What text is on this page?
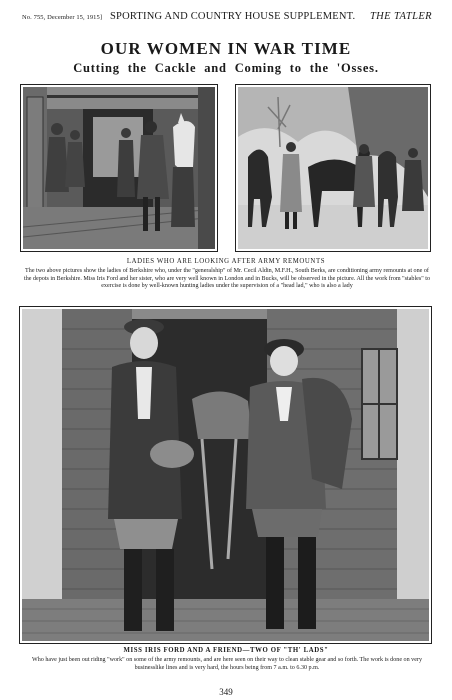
No. 755, December 15, 1915] SPORTING AND COUNTRY HOUSE SUPPLEMENT. THE TATLER
OUR WOMEN IN WAR TIME
Cutting the Cackle and Coming to the 'Osses.
LADIES WHO ARE LOOKING AFTER ARMY REMOUNTS
The two above pictures show the ladies of Berkshire who, under the "generalship" of Mr. Cecil Aldin, M.F.H., South Berks, are conditioning army remounts at one of the depots in Berkshire. Miss Iris Ford and her sister, who are very well known in London and in Bucks, will be observed in the picture. All the work from "stables" to exercise is done by well-known hunting ladies under the supervision of a "head lad," who is also a lady
MISS IRIS FORD AND A FRIEND—TWO OF "TH' LADS"
Who have just been out riding "work" on some of the army remounts, and are here seen on their way to clean stable gear and so forth. The work is done on very businesslike lines and is very hard, the hours being from 7 a.m. to 6.30 p.m.
349
